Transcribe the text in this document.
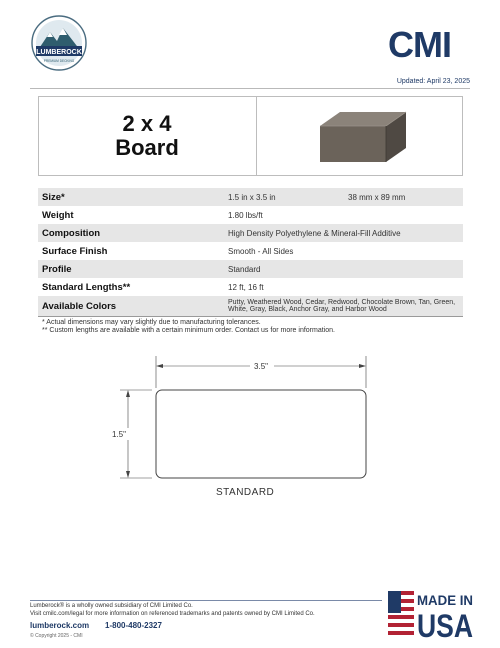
LUMBEROCK
PREMIUM DECKING	CMI
Updated: April 23, 2025
2 x 4
Board
Size*	1.5 in x 3.5 in	38 mm x 89 mm
Weight	1.80 lbs/ft
Composition	High Density Polyethylene & Mineral-Fill Additive
Surface Finish	Smooth - All Sides
Profile	Standard
Standard Lengths**	12 ft, 16 ft
Available Colors	Putty, Weathered Wood, Cedar, Redwood, Chocolate Brown, Tan, Green, White, Gray, Black, Anchor Gray, and Harbor Wood
* Actual dimensions may vary slightly due to manufacturing tolerances.
** Custom lengths are available with a certain minimum order. Contact us for more information.
3.5"
1.5"
STANDARD
Lumberock® is a wholly owned subsidiary of CMI Limited Co.
Visit cmilc.com/legal for more information on referenced trademarks and patents owned by CMI Limited Co.
lumberock.com 1-800-480-2327
© Copyright 2025 - CMI
MADE IN
USA
